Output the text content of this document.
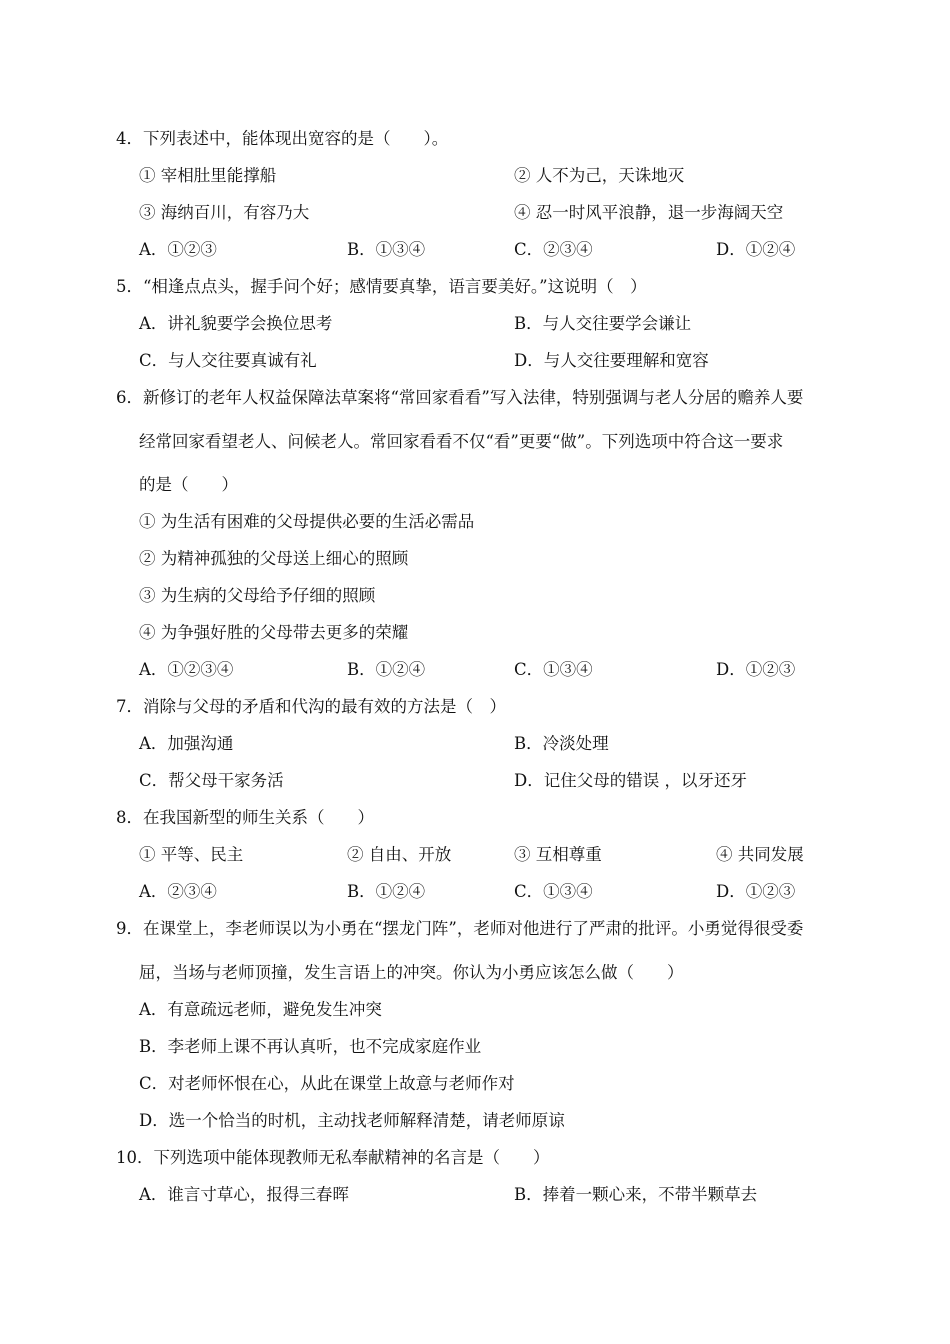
4．下列表述中，能体现出宽容的是（　　）。
① 宰相肚里能撑船	② 人不为己，天诛地灭
③ 海纳百川，有容乃大	④ 忍一时风平浪静，退一步海阔天空
A．①②③	B．①③④	C．②③④	D．①②④
5．“相逢点点头，握手问个好；感情要真挚，语言要美好。”这说明（　）
A．讲礼貌要学会换位思考	B．与人交往要学会谦让
C．与人交往要真诚有礼	D．与人交往要理解和宽容
6．新修订的老年人权益保障法草案将“常回家看看”写入法律，特别强调与老人分居的赡养人要
经常回家看望老人、问候老人。常回家看看不仅“看”更要“做”。下列选项中符合这一要求
的是（　　）
① 为生活有困难的父母提供必要的生活必需品
② 为精神孤独的父母送上细心的照顾
③ 为生病的父母给予仔细的照顾
④ 为争强好胜的父母带去更多的荣耀
A．①②③④	B．①②④	C．①③④	D．①②③
7．消除与父母的矛盾和代沟的最有效的方法是（　）
A．加强沟通	B．冷淡处理
C．帮父母干家务活	D．记住父母的错误 ，以牙还牙
8．在我国新型的师生关系（　　）
① 平等、民主	② 自由、开放	③ 互相尊重	④ 共同发展
A．②③④	B．①②④	C．①③④	D．①②③
9．在课堂上，李老师误以为小勇在“摆龙门阵”，老师对他进行了严肃的批评。小勇觉得很受委
屈，当场与老师顶撞，发生言语上的冲突。你认为小勇应该怎么做（　　）
A．有意疏远老师，避免发生冲突
B．李老师上课不再认真听，也不完成家庭作业
C．对老师怀恨在心，从此在课堂上故意与老师作对
D．选一个恰当的时机，主动找老师解释清楚，请老师原谅
10．下列选项中能体现教师无私奉献精神的名言是（　　）
A．谁言寸草心，报得三春晖	B．捧着一颗心来，不带半颗草去
